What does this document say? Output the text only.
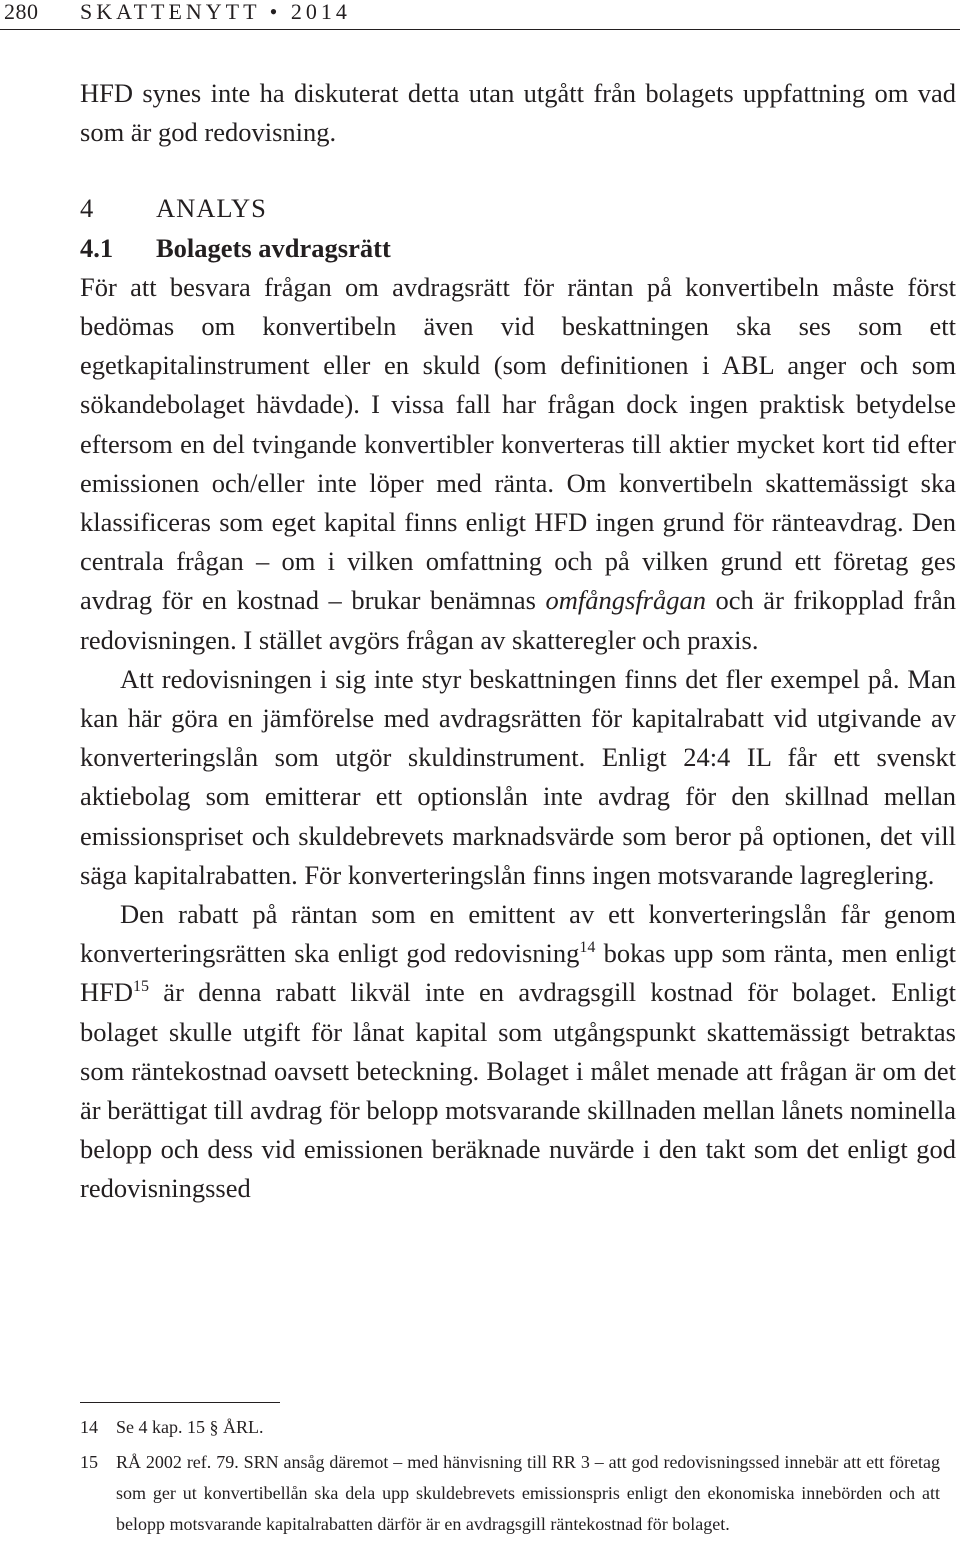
280 SKATTENYTT • 2014

HFD synes inte ha diskuterat detta utan utgått från bolagets uppfattning om vad som är god redovisning.

4 ANALYS
4.1 Bolagets avdragsrätt

För att besvara frågan om avdragsrätt för räntan på konvertibeln måste först bedömas om konvertibeln även vid beskattningen ska ses som ett egetkapitalinstrument eller en skuld (som definitionen i ABL anger och som sökandebolaget hävdade). I vissa fall har frågan dock ingen praktisk betydelse eftersom en del tvingande konvertibler konverteras till aktier mycket kort tid efter emissionen och/eller inte löper med ränta. Om konvertibeln skattemässigt ska klassificeras som eget kapital finns enligt HFD ingen grund för ränteavdrag. Den centrala frågan – om i vilken omfattning och på vilken grund ett företag ges avdrag för en kostnad – brukar benämnas omfångsfrågan och är frikopplad från redovisningen. I stället avgörs frågan av skatteregler och praxis.

Att redovisningen i sig inte styr beskattningen finns det fler exempel på. Man kan här göra en jämförelse med avdragsrätten för kapitalrabatt vid utgivande av konverteringslån som utgör skuldinstrument. Enligt 24:4 IL får ett svenskt aktiebolag som emitterar ett optionslån inte avdrag för den skillnad mellan emissionspriset och skuldebrevets marknadsvärde som beror på optionen, det vill säga kapitalrabatten. För konverteringslån finns ingen motsvarande lagreglering.

Den rabatt på räntan som en emittent av ett konverteringslån får genom konverteringsrätten ska enligt god redovisning$^{14}$ bokas upp som ränta, men enligt HFD$^{15}$ är denna rabatt likväl inte en avdragsgill kostnad för bolaget. Enligt bolaget skulle utgift för lånat kapital som utgångspunkt skattemässigt betraktas som räntekostnad oavsett beteckning. Bolaget i målet menade att frågan är om det är berättigat till avdrag för belopp motsvarande skillnaden mellan lånets nominella belopp och dess vid emissionen beräknade nuvärde i den takt som det enligt god redovisningssed

14 Se 4 kap. 15 § ÅRL.
15 RÅ 2002 ref. 79. SRN ansåg däremot – med hänvisning till RR 3 – att god redovisningssed innebär att ett företag som ger ut konvertibellån ska dela upp skuldebrevets emissionspris enligt den ekonomiska innebörden och att belopp motsvarande kapitalrabatten därför är en avdragsgill räntekostnad för bolaget.
